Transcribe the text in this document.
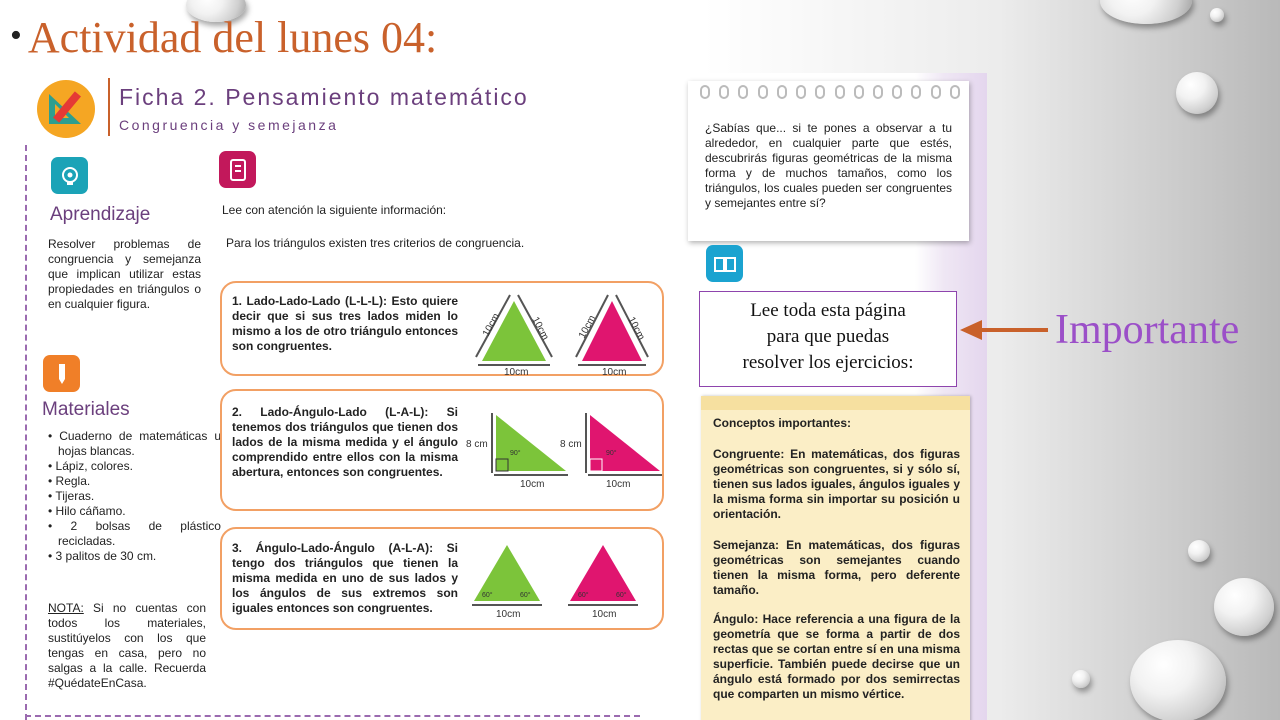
• Actividad del lunes 04:
Ficha 2. Pensamiento matemático
Congruencia y semejanza
Aprendizaje
Resolver problemas de congruencia y semejanza que implican utilizar estas propiedades en triángulos o en cualquier figura.
Materiales
• Cuaderno de matemáticas u hojas blancas.
• Lápiz, colores.
• Regla.
• Tijeras.
• Hilo cáñamo.
• 2 bolsas de plástico recicladas.
• 3 palitos de 30 cm.
NOTA: Si no cuentas con todos los materiales, sustitúyelos con los que tengas en casa, pero no salgas a la calle. Recuerda #QuédateEnCasa.
Lee con atención la siguiente información:
Para los triángulos existen tres criterios de congruencia.
1. Lado-Lado-Lado (L-L-L): Esto quiere decir que si sus tres lados miden lo mismo a los de otro triángulo entonces son congruentes.
10cm
10cm	10cm
10cm
10cm	10cm
2. Lado-Ángulo-Lado (L-A-L): Si tenemos dos triángulos que tienen dos lados de la misma medida y el ángulo comprendido entre ellos con la misma abertura, entonces son congruentes.
8 cm
90°
10cm
8 cm
90°
10cm
3. Ángulo-Lado-Ángulo (A-L-A): Si tengo dos triángulos que tienen la misma medida en uno de sus lados y los ángulos de sus extremos son iguales entonces son congruentes.
60°	60°
10cm
60°	60°
10cm
¿Sabías que... si te pones a observar a tu alrededor, en cualquier parte que estés, descubrirás figuras geométricas de la misma forma y de muchos tamaños, como los triángulos, los cuales pueden ser congruentes y semejantes entre sí?
Conceptos importantes:
Congruente: En matemáticas, dos figuras geométricas son congruentes, si y sólo sí, tienen sus lados iguales, ángulos iguales y la misma forma sin importar su posición u orientación.
Semejanza: En matemáticas, dos figuras geométricas son semejantes cuando tienen la misma forma, pero deferente tamaño.
Ángulo: Hace referencia a una figura de la geometría que se forma a partir de dos rectas que se cortan entre sí en una misma superficie. También puede decirse que un ángulo está formado por dos semirrectas que comparten un mismo vértice.
Lee toda esta página
para que puedas
resolver los ejercicios:
Importante
